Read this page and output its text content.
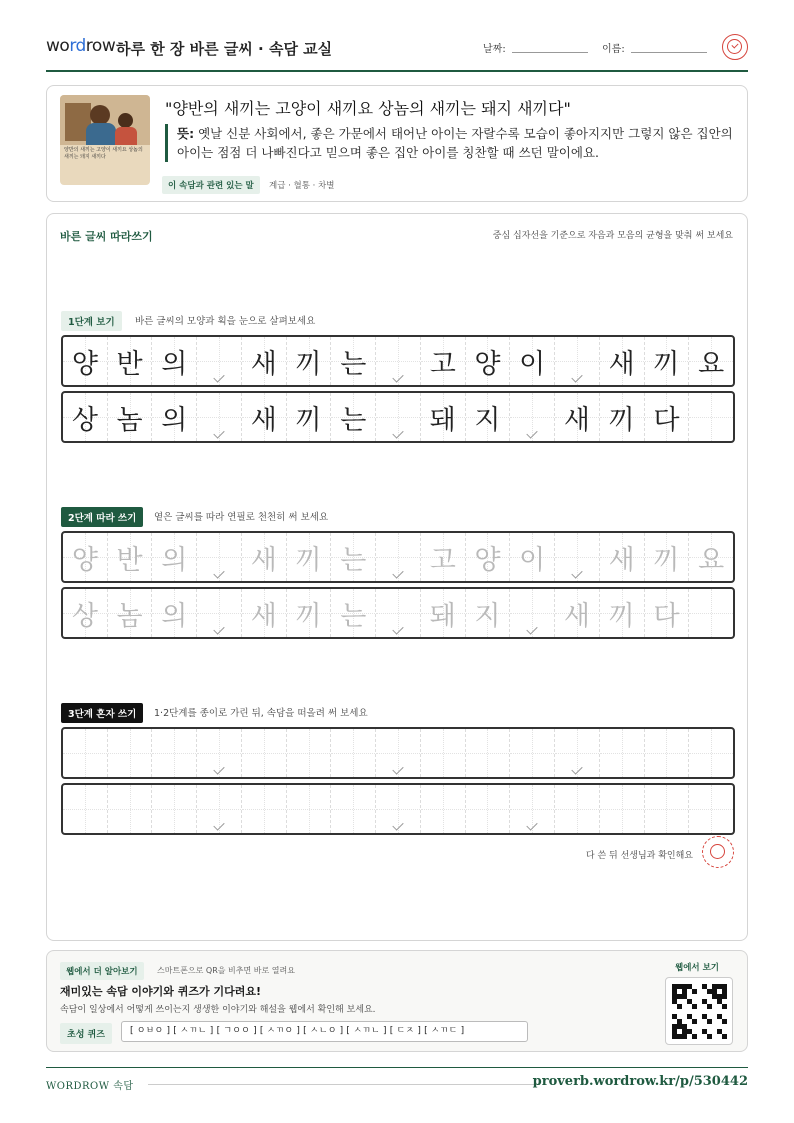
wordrow 하루 한 장 바른 글씨 · 속담 교실	날짜:	이름:
양반의 새끼는 고양이 새끼요 상놈의 새끼는 돼지 새끼다
"양반의 새끼는 고양이 새끼요 상놈의 새끼는 돼지 새끼다"
뜻: 옛날 신분 사회에서, 좋은 가문에서 태어난 아이는 자랄수록 모습이 좋아지지만 그렇지 않은 집안의 아이는 점점 더 나빠진다고 믿으며 좋은 집안 아이를 칭찬할 때 쓰던 말이에요.
이 속담과 관련 있는 말	계급 · 혈통 · 차별
바른 글씨 따라쓰기	중심 십자선을 기준으로 자음과 모음의 균형을 맞춰 써 보세요
1단계 보기	바른 글씨의 모양과 획을 눈으로 살펴보세요
양 반 의 새 끼 는 고 양 이 새 끼 요
상 놈 의 새 끼 는 돼 지 새 끼 다
2단계 따라 쓰기	옅은 글씨를 따라 연필로 천천히 써 보세요
양 반 의 새 끼 는 고 양 이 새 끼 요
상 놈 의 새 끼 는 돼 지 새 끼 다
3단계 혼자 쓰기	1·2단계를 종이로 가린 뒤, 속담을 떠올려 써 보세요
다 쓴 뒤 선생님과 확인해요
웹에서 더 알아보기	스마트폰으로 QR을 비추면 바로 열려요
재미있는 속담 이야기와 퀴즈가 기다려요!
속담이 일상에서 어떻게 쓰이는지 생생한 이야기와 해설을 웹에서 확인해 보세요.
초성 퀴즈	[ ㅇㅂㅇ ] [ ㅅㄲㄴ ] [ ㄱㅇㅇ ] [ ㅅㄲㅇ ] [ ㅅㄴㅇ ] [ ㅅㄲㄴ ] [ ㄷㅈ ] [ ㅅㄲㄷ ]
웹에서 보기
WORDROW 속담	proverb.wordrow.kr/p/530442
